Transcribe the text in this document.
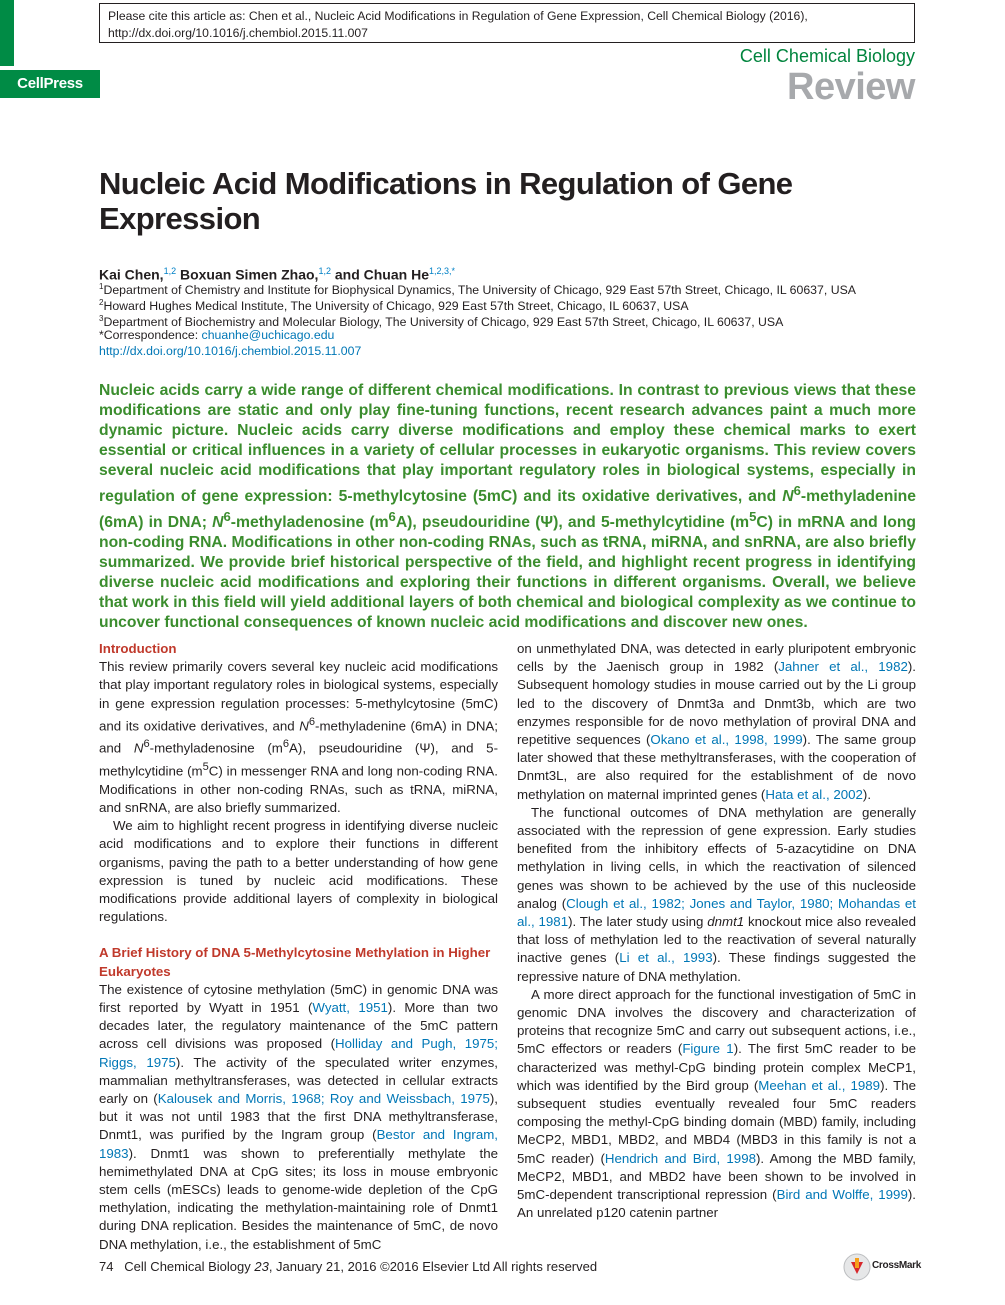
Please cite this article as: Chen et al., Nucleic Acid Modifications in Regulation of Gene Expression, Cell Chemical Biology (2016), http://dx.doi.org/10.1016/j.chembiol.2015.11.007
CellPress
Cell Chemical Biology
Review
Nucleic Acid Modifications in Regulation of Gene Expression
Kai Chen,$^{1,2}$ Boxuan Simen Zhao,$^{1,2}$ and Chuan $He^{1,2,3,*}$
$^1$Department of Chemistry and Institute for Biophysical Dynamics, The University of Chicago, 929 East 57th Street, Chicago, IL 60637, USA
$^2$Howard Hughes Medical Institute, The University of Chicago, 929 East 57th Street, Chicago, IL 60637, USA
$^3$Department of Biochemistry and Molecular Biology, The University of Chicago, 929 East 57th Street, Chicago, IL 60637, USA
*Correspondence: chuanhe@uchicago.edu
http://dx.doi.org/10.1016/j.chembiol.2015.11.007

Nucleic acids carry a wide range of different chemical modifications. In contrast to previous views that these modifications are static and only play fine-tuning functions, recent research advances paint a much more dynamic picture. Nucleic acids carry diverse modifications and employ these chemical marks to exert essential or critical influences in a variety of cellular processes in eukaryotic organisms. This review covers several nucleic acid modifications that play important regulatory roles in biological systems, especially in regulation of gene expression: 5-methylcytosine (5mC) and its oxidative derivatives, and $N^6$-methyladenine (6mA) in DNA; $N^6$-methyladenosine $(m^6A)$, pseudouridine (Ψ), and 5-methylcytidine $(m^5C)$ in mRNA and long non-coding RNA. Modifications in other non-coding RNAs, such as tRNA, miRNA, and snRNA, are also briefly summarized. We provide brief historical perspective of the field, and highlight recent progress in identifying diverse nucleic acid modifications and exploring their functions in different organisms. Overall, we believe that work in this field will yield additional layers of both chemical and biological complexity as we continue to uncover functional consequences of known nucleic acid modifications and discover new ones.

Introduction

This review primarily covers several key nucleic acid modifications that play important regulatory roles in biological systems, especially in gene expression regulation processes: 5-methylcytosine (5mC) and its oxidative derivatives, and $N^6$-methyladenine (6mA) in DNA; and $N^6$-methyladenosine $(m^6A)$, pseudouridine (Ψ), and 5-methylcytidine $(m^5C)$ in messenger RNA and long non-coding RNA. Modifications in other non-coding RNAs, such as tRNA, miRNA, and snRNA, are also briefly summarized.

We aim to highlight recent progress in identifying diverse nucleic acid modifications and to explore their functions in different organisms, paving the path to a better understanding of how gene expression is tuned by nucleic acid modifications. These modifications provide additional layers of complexity in biological regulations.

A Brief History of DNA 5-Methylcytosine Methylation in Higher Eukaryotes

The existence of cytosine methylation (5mC) in genomic DNA was first reported by Wyatt in 1951 (Wyatt, 1951). More than two decades later, the regulatory maintenance of the 5mC pattern across cell divisions was proposed (Holliday and Pugh, 1975; Riggs, 1975). The activity of the speculated writer enzymes, mammalian methyltransferases, was detected in cellular extracts early on (Kalousek and Morris, 1968; Roy and Weissbach, 1975), but it was not until 1983 that the first DNA methyltransferase, Dnmt1, was purified by the Ingram group (Bestor and Ingram, 1983). Dnmt1 was shown to preferentially methylate the hemimethylated DNA at CpG sites; its loss in mouse embryonic stem cells (mESCs) leads to genome-wide depletion of the CpG methylation, indicating the methylation-maintaining role of Dnmt1 during DNA replication. Besides the maintenance of 5mC, de novo DNA methylation, i.e., the establishment of 5mC

on unmethylated DNA, was detected in early pluripotent embryonic cells by the Jaenisch group in 1982 (Jahner et al., 1982). Subsequent homology studies in mouse carried out by the Li group led to the discovery of Dnmt3a and Dnmt3b, which are two enzymes responsible for de novo methylation of proviral DNA and repetitive sequences (Okano et al., 1998, 1999). The same group later showed that these methyltransferases, with the cooperation of Dnmt3L, are also required for the establishment of de novo methylation on maternal imprinted genes (Hata et al., 2002).

The functional outcomes of DNA methylation are generally associated with the repression of gene expression. Early studies benefited from the inhibitory effects of 5-azacytidine on DNA methylation in living cells, in which the reactivation of silenced genes was shown to be achieved by the use of this nucleoside analog (Clough et al., 1982; Jones and Taylor, 1980; Mohandas et al., 1981). The later study using dnmt1 knockout mice also revealed that loss of methylation led to the reactivation of several naturally inactive genes (Li et al., 1993). These findings suggested the repressive nature of DNA methylation.

A more direct approach for the functional investigation of 5mC in genomic DNA involves the discovery and characterization of proteins that recognize 5mC and carry out subsequent actions, i.e., 5mC effectors or readers (Figure 1). The first 5mC reader to be characterized was methyl-CpG binding protein complex MeCP1, which was identified by the Bird group (Meehan et al., 1989). The subsequent studies eventually revealed four 5mC readers composing the methyl-CpG binding domain (MBD) family, including MeCP2, MBD1, MBD2, and MBD4 (MBD3 in this family is not a 5mC reader) (Hendrich and Bird, 1998). Among the MBD family, MeCP2, MBD1, and MBD2 have been shown to be involved in 5mC-dependent transcriptional repression (Bird and Wolffe, 1999). An unrelated p120 catenin partner

74   Cell Chemical Biology 23, January 21, 2016 ©2016 Elsevier Ltd All rights reserved	CrossMark
